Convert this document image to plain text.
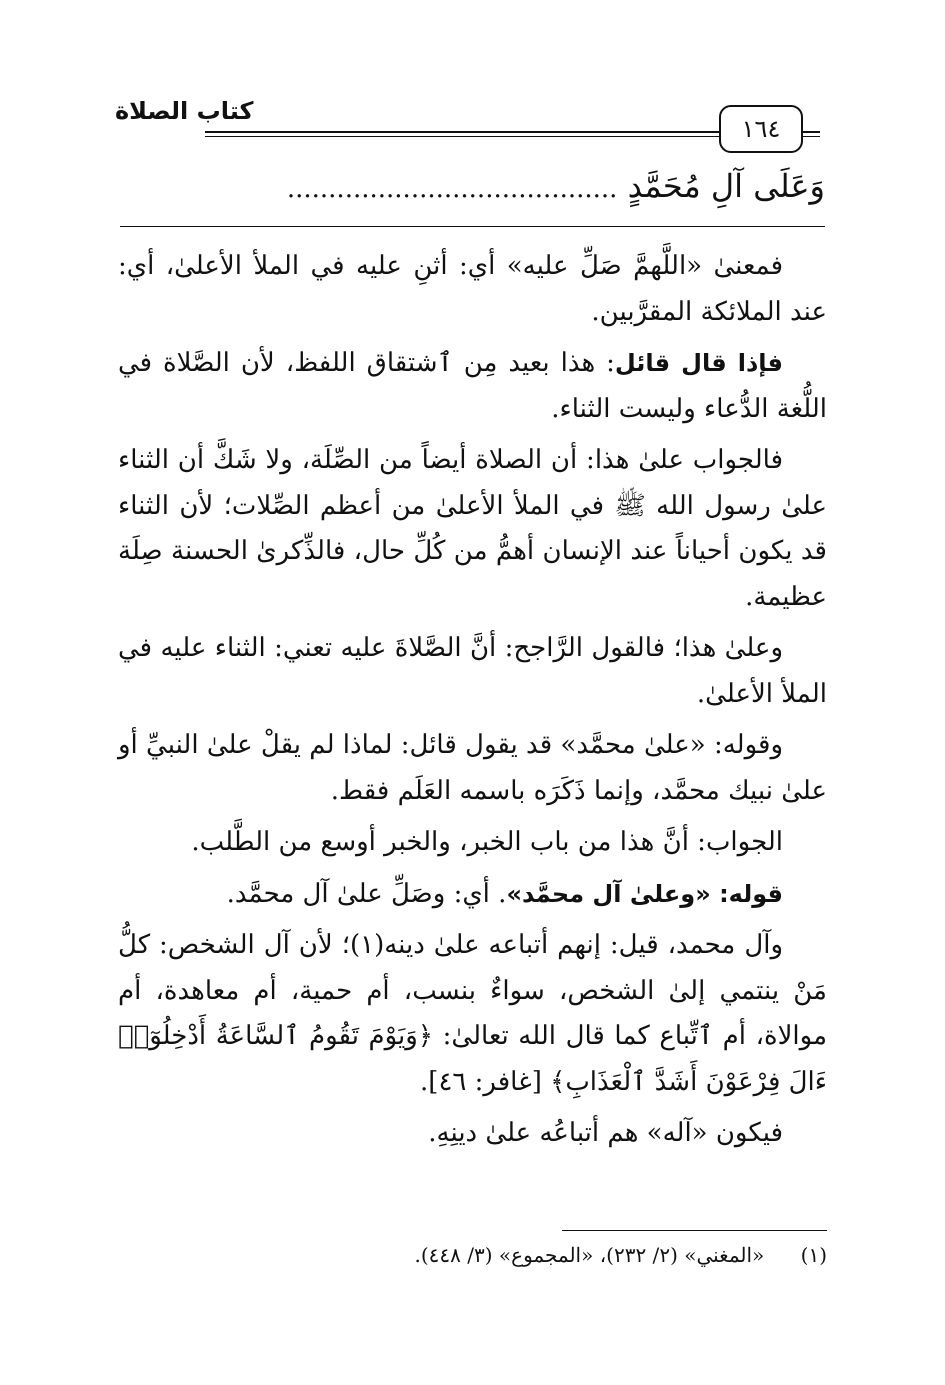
كتاب الصلاة
١٦٤
وَعَلَى آلِ مُحَمَّدٍ ........................................

فمعنىٰ «اللَّهمَّ صَلِّ عليه» أي: أثنِ عليه في الملأ الأعلىٰ، أي: عند الملائكة المقرَّبين.

فإذا قال قائل: هذا بعيد مِن ٱشتقاق اللفظ، لأن الصَّلاة في اللُّغة الدُّعاء وليست الثناء.

فالجواب علىٰ هذا: أن الصلاة أيضاً من الصِّلَة، ولا شَكَّ أن الثناء علىٰ رسول الله ﷺ في الملأ الأعلىٰ من أعظم الصِّلات؛ لأن الثناء قد يكون أحياناً عند الإنسان أهمُّ من كُلِّ حال، فالذِّكرىٰ الحسنة صِلَة عظيمة.

وعلىٰ هذا؛ فالقول الرَّاجح: أنَّ الصَّلاةَ عليه تعني: الثناء عليه في الملأ الأعلىٰ.

وقوله: «علىٰ محمَّد» قد يقول قائل: لماذا لم يقلْ علىٰ النبيِّ أو علىٰ نبيك محمَّد، وإنما ذَكَرَه باسمه العَلَم فقط.

الجواب: أنَّ هذا من باب الخبر، والخبر أوسع من الطَّلب.

قوله: «وعلىٰ آل محمَّد». أي: وصَلِّ علىٰ آل محمَّد.

وآل محمد، قيل: إنهم أتباعه علىٰ دينه(١)؛ لأن آل الشخص: كلُّ مَنْ ينتمي إلىٰ الشخص، سواءٌ بنسب، أم حمية، أم معاهدة، أم موالاة، أم ٱتِّباع كما قال الله تعالىٰ: ﴿وَيَوْمَ تَقُومُ ٱلسَّاعَةُ أَدْخِلُوٓا۟ ءَالَ فِرْعَوْنَ أَشَدَّ ٱلْعَذَابِ﴾ [غافر: ٤٦].

فيكون «آله» هم أتباعُه علىٰ دينِهِ.

(١) «المغني» (٢/ ٢٣٢)، «المجموع» (٣/ ٤٤٨).
